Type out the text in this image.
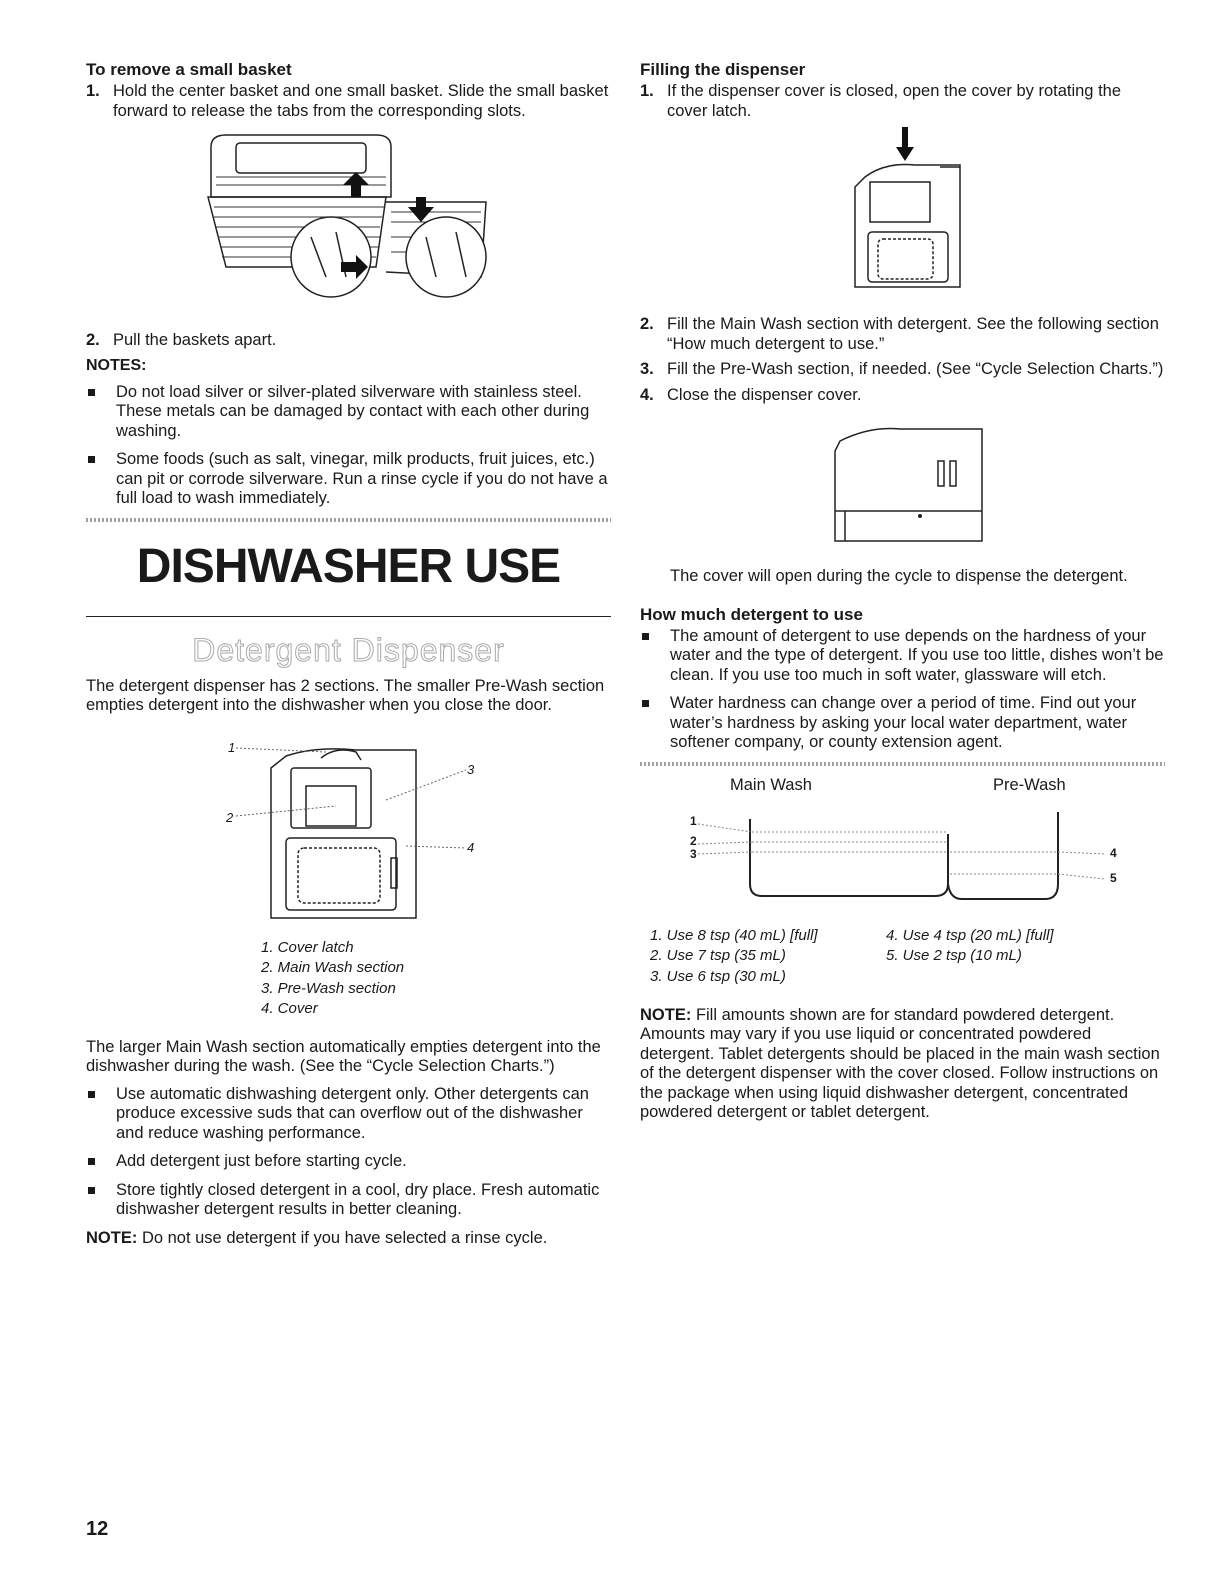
To remove a small basket
1. Hold the center basket and one small basket. Slide the small basket forward to release the tabs from the corresponding slots.
2. Pull the baskets apart.
NOTES:
Do not load silver or silver-plated silverware with stainless steel. These metals can be damaged by contact with each other during washing.
Some foods (such as salt, vinegar, milk products, fruit juices, etc.) can pit or corrode silverware. Run a rinse cycle if you do not have a full load to wash immediately.
DISHWASHER USE
Detergent Dispenser

The detergent dispenser has 2 sections. The smaller Pre-Wash section empties detergent into the dishwasher when you close the door.

1
2
3
4
1. Cover latch
2. Main Wash section
3. Pre-Wash section
4. Cover

The larger Main Wash section automatically empties detergent into the dishwasher during the wash. (See the “Cycle Selection Charts.”)

Use automatic dishwashing detergent only. Other detergents can produce excessive suds that can overflow out of the dishwasher and reduce washing performance.
Add detergent just before starting cycle.
Store tightly closed detergent in a cool, dry place. Fresh automatic dishwasher detergent results in better cleaning.

NOTE: Do not use detergent if you have selected a rinse cycle.

Filling the dispenser
1. If the dispenser cover is closed, open the cover by rotating the cover latch.
2. Fill the Main Wash section with detergent. See the following section “How much detergent to use.”
3. Fill the Pre-Wash section, if needed. (See “Cycle Selection Charts.”)
4. Close the dispenser cover.

The cover will open during the cycle to dispense the detergent.

How much detergent to use
The amount of detergent to use depends on the hardness of your water and the type of detergent. If you use too little, dishes won’t be clean. If you use too much in soft water, glassware will etch.
Water hardness can change over a period of time. Find out your water’s hardness by asking your local water department, water softener company, or county extension agent.
Main Wash	Pre-Wash
1
2
3	4
5
1. Use 8 tsp (40 mL) [full]
2. Use 7 tsp (35 mL)
3. Use 6 tsp (30 mL)
4. Use 4 tsp (20 mL) [full]
5. Use 2 tsp (10 mL)

NOTE: Fill amounts shown are for standard powdered detergent. Amounts may vary if you use liquid or concentrated powdered detergent. Tablet detergents should be placed in the main wash section of the detergent dispenser with the cover closed. Follow instructions on the package when using liquid dishwasher detergent, concentrated powdered detergent or tablet detergent.

12
